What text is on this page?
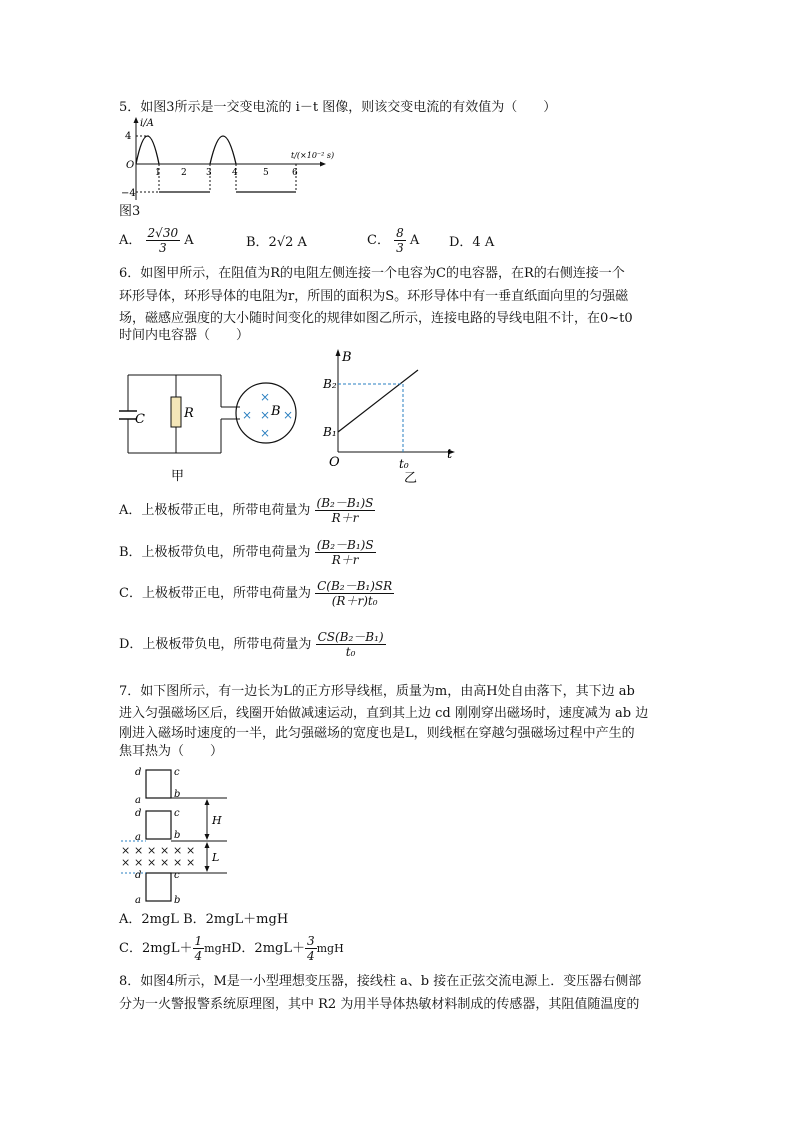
5．如图3所示是一交变电流的 i－t 图像，则该交变电流的有效值为（　　）
i/A
4
−4
O
t/(×10⁻² s)
1 2 3 4	5	6
图3
A． $\frac{2√30}{3}$ A	B．2√2 A	C． $\frac{8}{3}$ A D．4 A
6．如图甲所示，在阻值为R的电阻左侧连接一个电容为C的电容器，在R的右侧连接一个
环形导体，环形导体的电阻为r，所围的面积为S。环形导体中有一垂直纸面向里的匀强磁
场，磁感应强度的大小随时间变化的规律如图乙所示，连接电路的导线电阻不计，在0~t0
时间内电容器（　　）
C	R	B
×
× × ×
×
甲
B
t
B₂
B₁
O	t₀
乙
A．上极板带正电，所带电荷量为 $\frac{\text{(B₂－B₁)S}}{R+r}$
B．上极板带负电，所带电荷量为 $\frac{\text{(B₂－B₁)S}}{R+r}$
C．上极板带正电，所带电荷量为 $\frac{\text{C(B₂－B₁)SR}}{\text{(R＋r)t₀}}$
D．上极板带负电，所带电荷量为 $\frac{\text{CS(B₂－B₁)}}{\text{t₀}}$
7．如下图所示，有一边长为L的正方形导线框，质量为m，由高H处自由落下，其下边 ab
进入匀强磁场区后，线圈开始做减速运动，直到其上边 cd 刚刚穿出磁场时，速度减为 ab 边
刚进入磁场时速度的一半，此匀强磁场的宽度也是L，则线框在穿越匀强磁场过程中产生的
焦耳热为（　　）
H
L
d	c
a
b
d	c
a	b
d	c
a	b
× × × × × ×
× × × × × ×
A．2mgL B．2mgL＋mgH
C．$2mgL+ \frac{1}{4}$ mgH D．$2mgL+ \frac{3}{4}$ mgH
8．如图4所示，M是一小型理想变压器，接线柱 a、b 接在正弦交流电源上．变压器右侧部
分为一火警报警系统原理图，其中 R2 为用半导体热敏材料制成的传感器，其阻值随温度的
